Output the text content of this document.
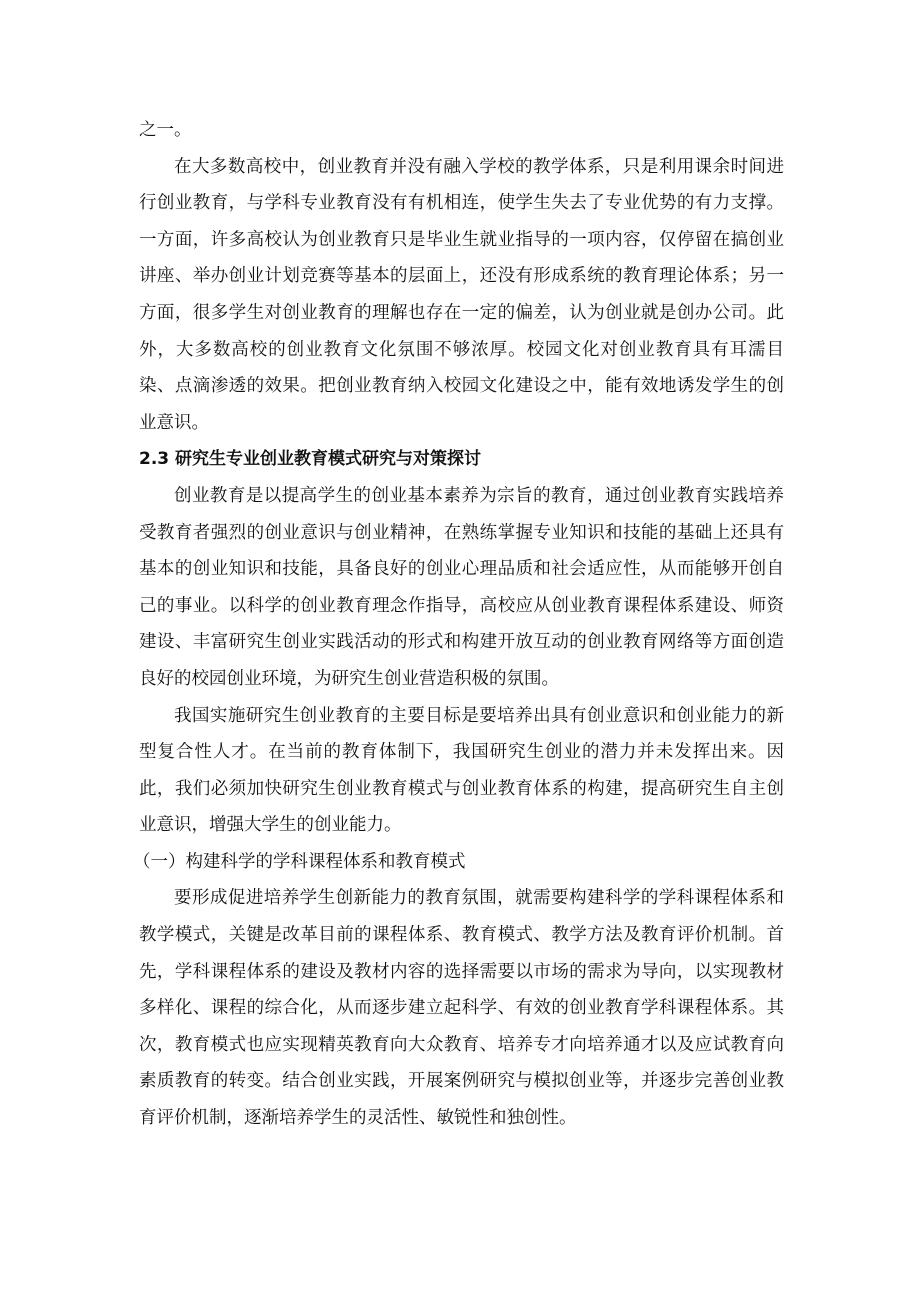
之一。

在大多数高校中，创业教育并没有融入学校的教学体系，只是利用课余时间进行创业教育，与学科专业教育没有有机相连，使学生失去了专业优势的有力支撑。一方面，许多高校认为创业教育只是毕业生就业指导的一项内容，仅停留在搞创业讲座、举办创业计划竞赛等基本的层面上，还没有形成系统的教育理论体系；另一方面，很多学生对创业教育的理解也存在一定的偏差，认为创业就是创办公司。此外，大多数高校的创业教育文化氛围不够浓厚。校园文化对创业教育具有耳濡目染、点滴渗透的效果。把创业教育纳入校园文化建设之中，能有效地诱发学生的创业意识。

2.3 研究生专业创业教育模式研究与对策探讨

创业教育是以提高学生的创业基本素养为宗旨的教育，通过创业教育实践培养受教育者强烈的创业意识与创业精神，在熟练掌握专业知识和技能的基础上还具有基本的创业知识和技能，具备良好的创业心理品质和社会适应性，从而能够开创自己的事业。以科学的创业教育理念作指导，高校应从创业教育课程体系建设、师资建设、丰富研究生创业实践活动的形式和构建开放互动的创业教育网络等方面创造良好的校园创业环境，为研究生创业营造积极的氛围。

我国实施研究生创业教育的主要目标是要培养出具有创业意识和创业能力的新型复合性人才。在当前的教育体制下，我国研究生创业的潜力并未发挥出来。因此，我们必须加快研究生创业教育模式与创业教育体系的构建，提高研究生自主创业意识，增强大学生的创业能力。

（一）构建科学的学科课程体系和教育模式

要形成促进培养学生创新能力的教育氛围，就需要构建科学的学科课程体系和教学模式，关键是改革目前的课程体系、教育模式、教学方法及教育评价机制。首先，学科课程体系的建设及教材内容的选择需要以市场的需求为导向，以实现教材多样化、课程的综合化，从而逐步建立起科学、有效的创业教育学科课程体系。其次，教育模式也应实现精英教育向大众教育、培养专才向培养通才以及应试教育向素质教育的转变。结合创业实践，开展案例研究与模拟创业等，并逐步完善创业教育评价机制，逐渐培养学生的灵活性、敏锐性和独创性。
